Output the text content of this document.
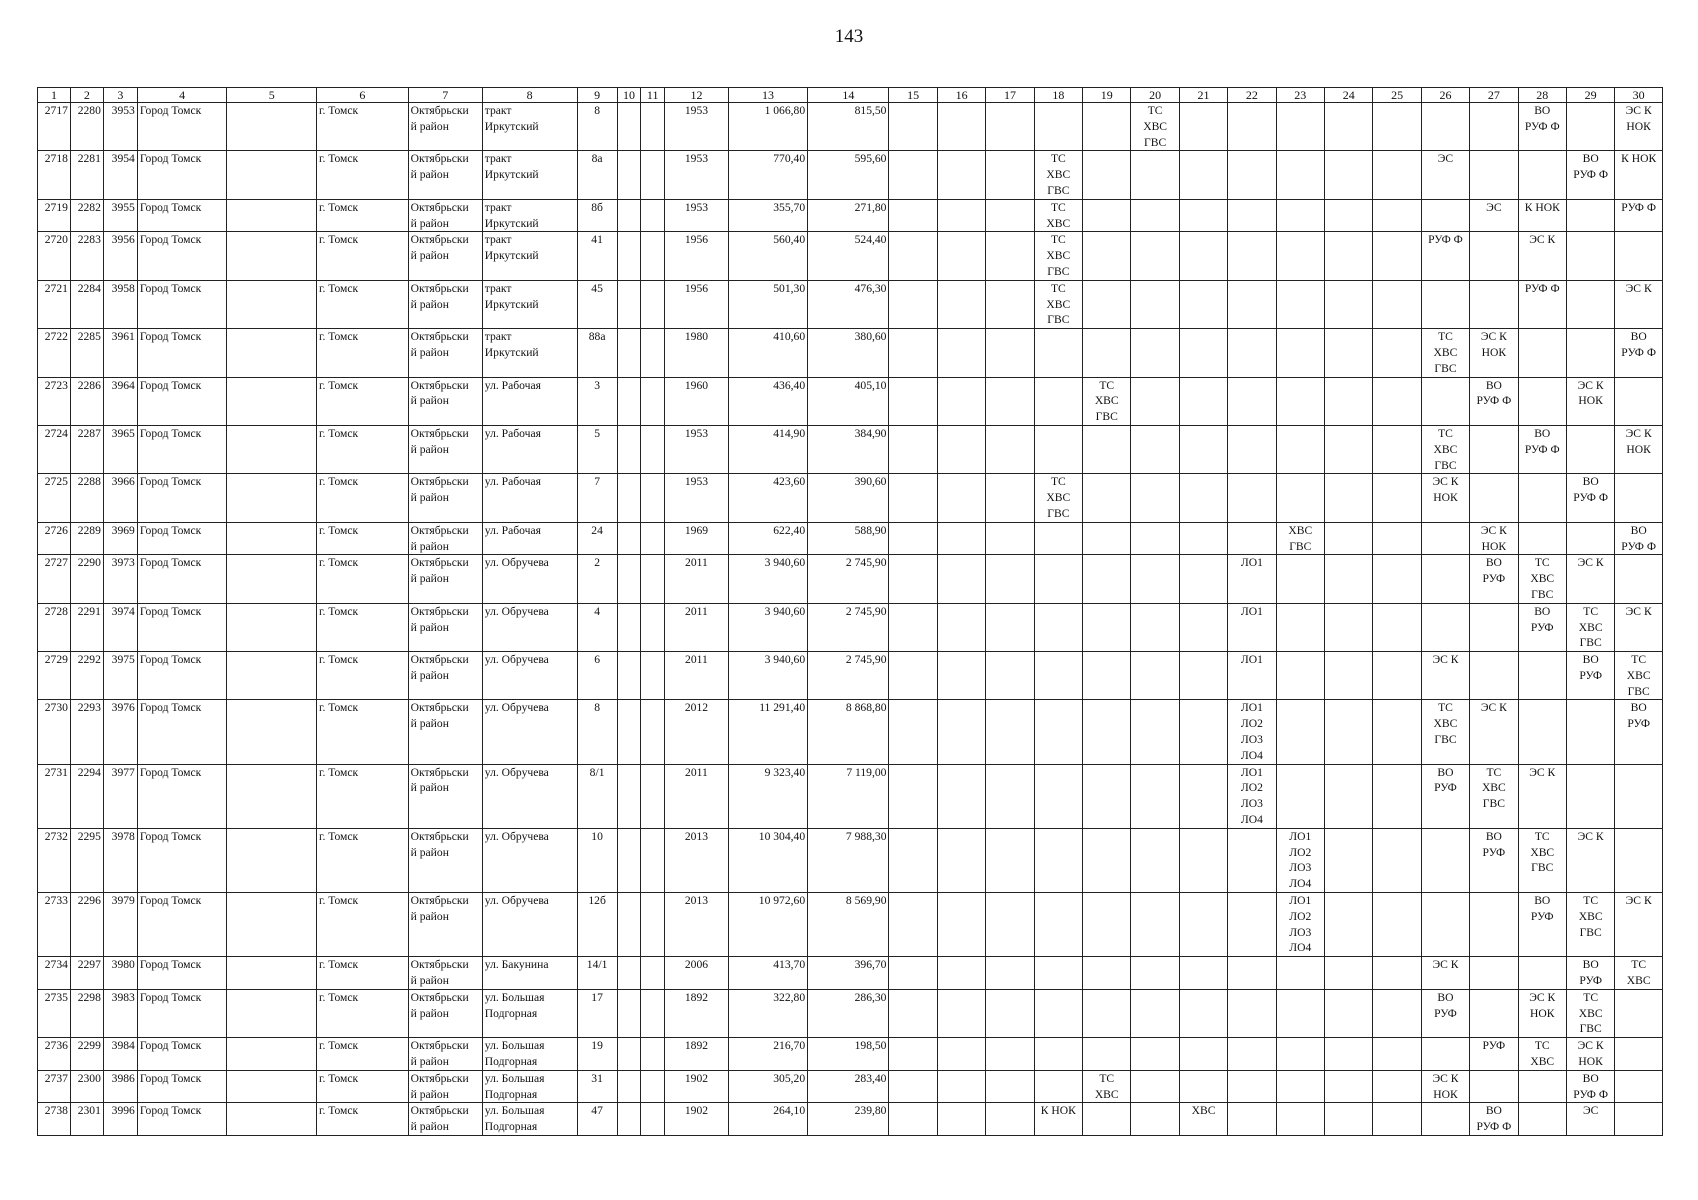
143
1	2	3	4	5	6	7	8	9	10	11	12	13	14	15	16	17	18	19	20	21	22	23	24	25	26	27	28	29	30
2717	2280	3953	Город Томск		г. Томск	Октябрьски
й район	тракт
Иркутский	8			1953	1 066,80	815,50						ТС
ХВС
ГВС								ВО
РУФ Ф		ЭС К
НОК

2718	2281	3954	Город Томск		г. Томск	Октябрьски
й район	тракт
Иркутский	8а			1953	770,40	595,60				ТС
ХВС
ГВС								ЭС			ВО
РУФ Ф	К НОК

2719	2282	3955	Город Томск		г. Томск	Октябрьски
й район	тракт
Иркутский	8б			1953	355,70	271,80				ТС
ХВС									ЭС	К НОК		РУФ Ф

2720	2283	3956	Город Томск		г. Томск	Октябрьски
й район	тракт
Иркутский	41			1956	560,40	524,40				ТС
ХВС
ГВС								РУФ Ф		ЭС К		

2721	2284	3958	Город Томск		г. Томск	Октябрьски
й район	тракт
Иркутский	45			1956	501,30	476,30				ТС
ХВС
ГВС										РУФ Ф		ЭС К

2722	2285	3961	Город Томск		г. Томск	Октябрьски
й район	тракт
Иркутский	88а			1980	410,60	380,60												ТС
ХВС
ГВС	ЭС К
НОК			ВО
РУФ Ф

2723	2286	3964	Город Томск		г. Томск	Октябрьски
й район	ул. Рабочая	3			1960	436,40	405,10					ТС
ХВС
ГВС								ВО
РУФ Ф		ЭС К
НОК	

2724	2287	3965	Город Томск		г. Томск	Октябрьски
й район	ул. Рабочая	5			1953	414,90	384,90												ТС
ХВС
ГВС		ВО
РУФ Ф		ЭС К
НОК

2725	2288	3966	Город Томск		г. Томск	Октябрьски
й район	ул. Рабочая	7			1953	423,60	390,60				ТС
ХВС
ГВС								ЭС К
НОК			ВО
РУФ Ф	

2726	2289	3969	Город Томск		г. Томск	Октябрьски
й район	ул. Рабочая	24			1969	622,40	588,90									ХВС
ГВС				ЭС К
НОК			ВО
РУФ Ф

2727	2290	3973	Город Томск		г. Томск	Октябрьски
й район	ул. Обручева	2			2011	3 940,60	2 745,90								ЛО1					ВО
РУФ	ТС
ХВС
ГВС	ЭС К	

2728	2291	3974	Город Томск		г. Томск	Октябрьски
й район	ул. Обручева	4			2011	3 940,60	2 745,90								ЛО1						ВО
РУФ	ТС
ХВС
ГВС	ЭС К

2729	2292	3975	Город Томск		г. Томск	Октябрьски
й район	ул. Обручева	6			2011	3 940,60	2 745,90								ЛО1				ЭС К			ВО
РУФ	ТС
ХВС
ГВС

2730	2293	3976	Город Томск		г. Томск	Октябрьски
й район	ул. Обручева	8			2012	11 291,40	8 868,80								ЛО1
ЛО2
ЛО3
ЛО4				ТС
ХВС
ГВС	ЭС К			ВО
РУФ

2731	2294	3977	Город Томск		г. Томск	Октябрьски
й район	ул. Обручева	8/1			2011	9 323,40	7 119,00								ЛО1
ЛО2
ЛО3
ЛО4				ВО
РУФ	ТС
ХВС
ГВС	ЭС К		

2732	2295	3978	Город Томск		г. Томск	Октябрьски
й район	ул. Обручева	10			2013	10 304,40	7 988,30									ЛО1
ЛО2
ЛО3
ЛО4				ВО
РУФ	ТС
ХВС
ГВС	ЭС К	

2733	2296	3979	Город Томск		г. Томск	Октябрьски
й район	ул. Обручева	12б			2013	10 972,60	8 569,90									ЛО1
ЛО2
ЛО3
ЛО4					ВО
РУФ	ТС
ХВС
ГВС	ЭС К

2734	2297	3980	Город Томск		г. Томск	Октябрьски
й район	ул. Бакунина	14/1			2006	413,70	396,70												ЭС К			ВО
РУФ	ТС
ХВС

2735	2298	3983	Город Томск		г. Томск	Октябрьски
й район	ул. Большая
Подгорная	17			1892	322,80	286,30												ВО
РУФ		ЭС К
НОК	ТС
ХВС
ГВС	

2736	2299	3984	Город Томск		г. Томск	Октябрьски
й район	ул. Большая
Подгорная	19			1892	216,70	198,50													РУФ	ТС
ХВС	ЭС К
НОК	

2737	2300	3986	Город Томск		г. Томск	Октябрьски
й район	ул. Большая
Подгорная	31			1902	305,20	283,40					ТС
ХВС							ЭС К
НОК			ВО
РУФ Ф	

2738	2301	3996	Город Томск		г. Томск	Октябрьски
й район	ул. Большая
Подгорная	47			1902	264,10	239,80				К НОК			ХВС						ВО
РУФ Ф		ЭС	
